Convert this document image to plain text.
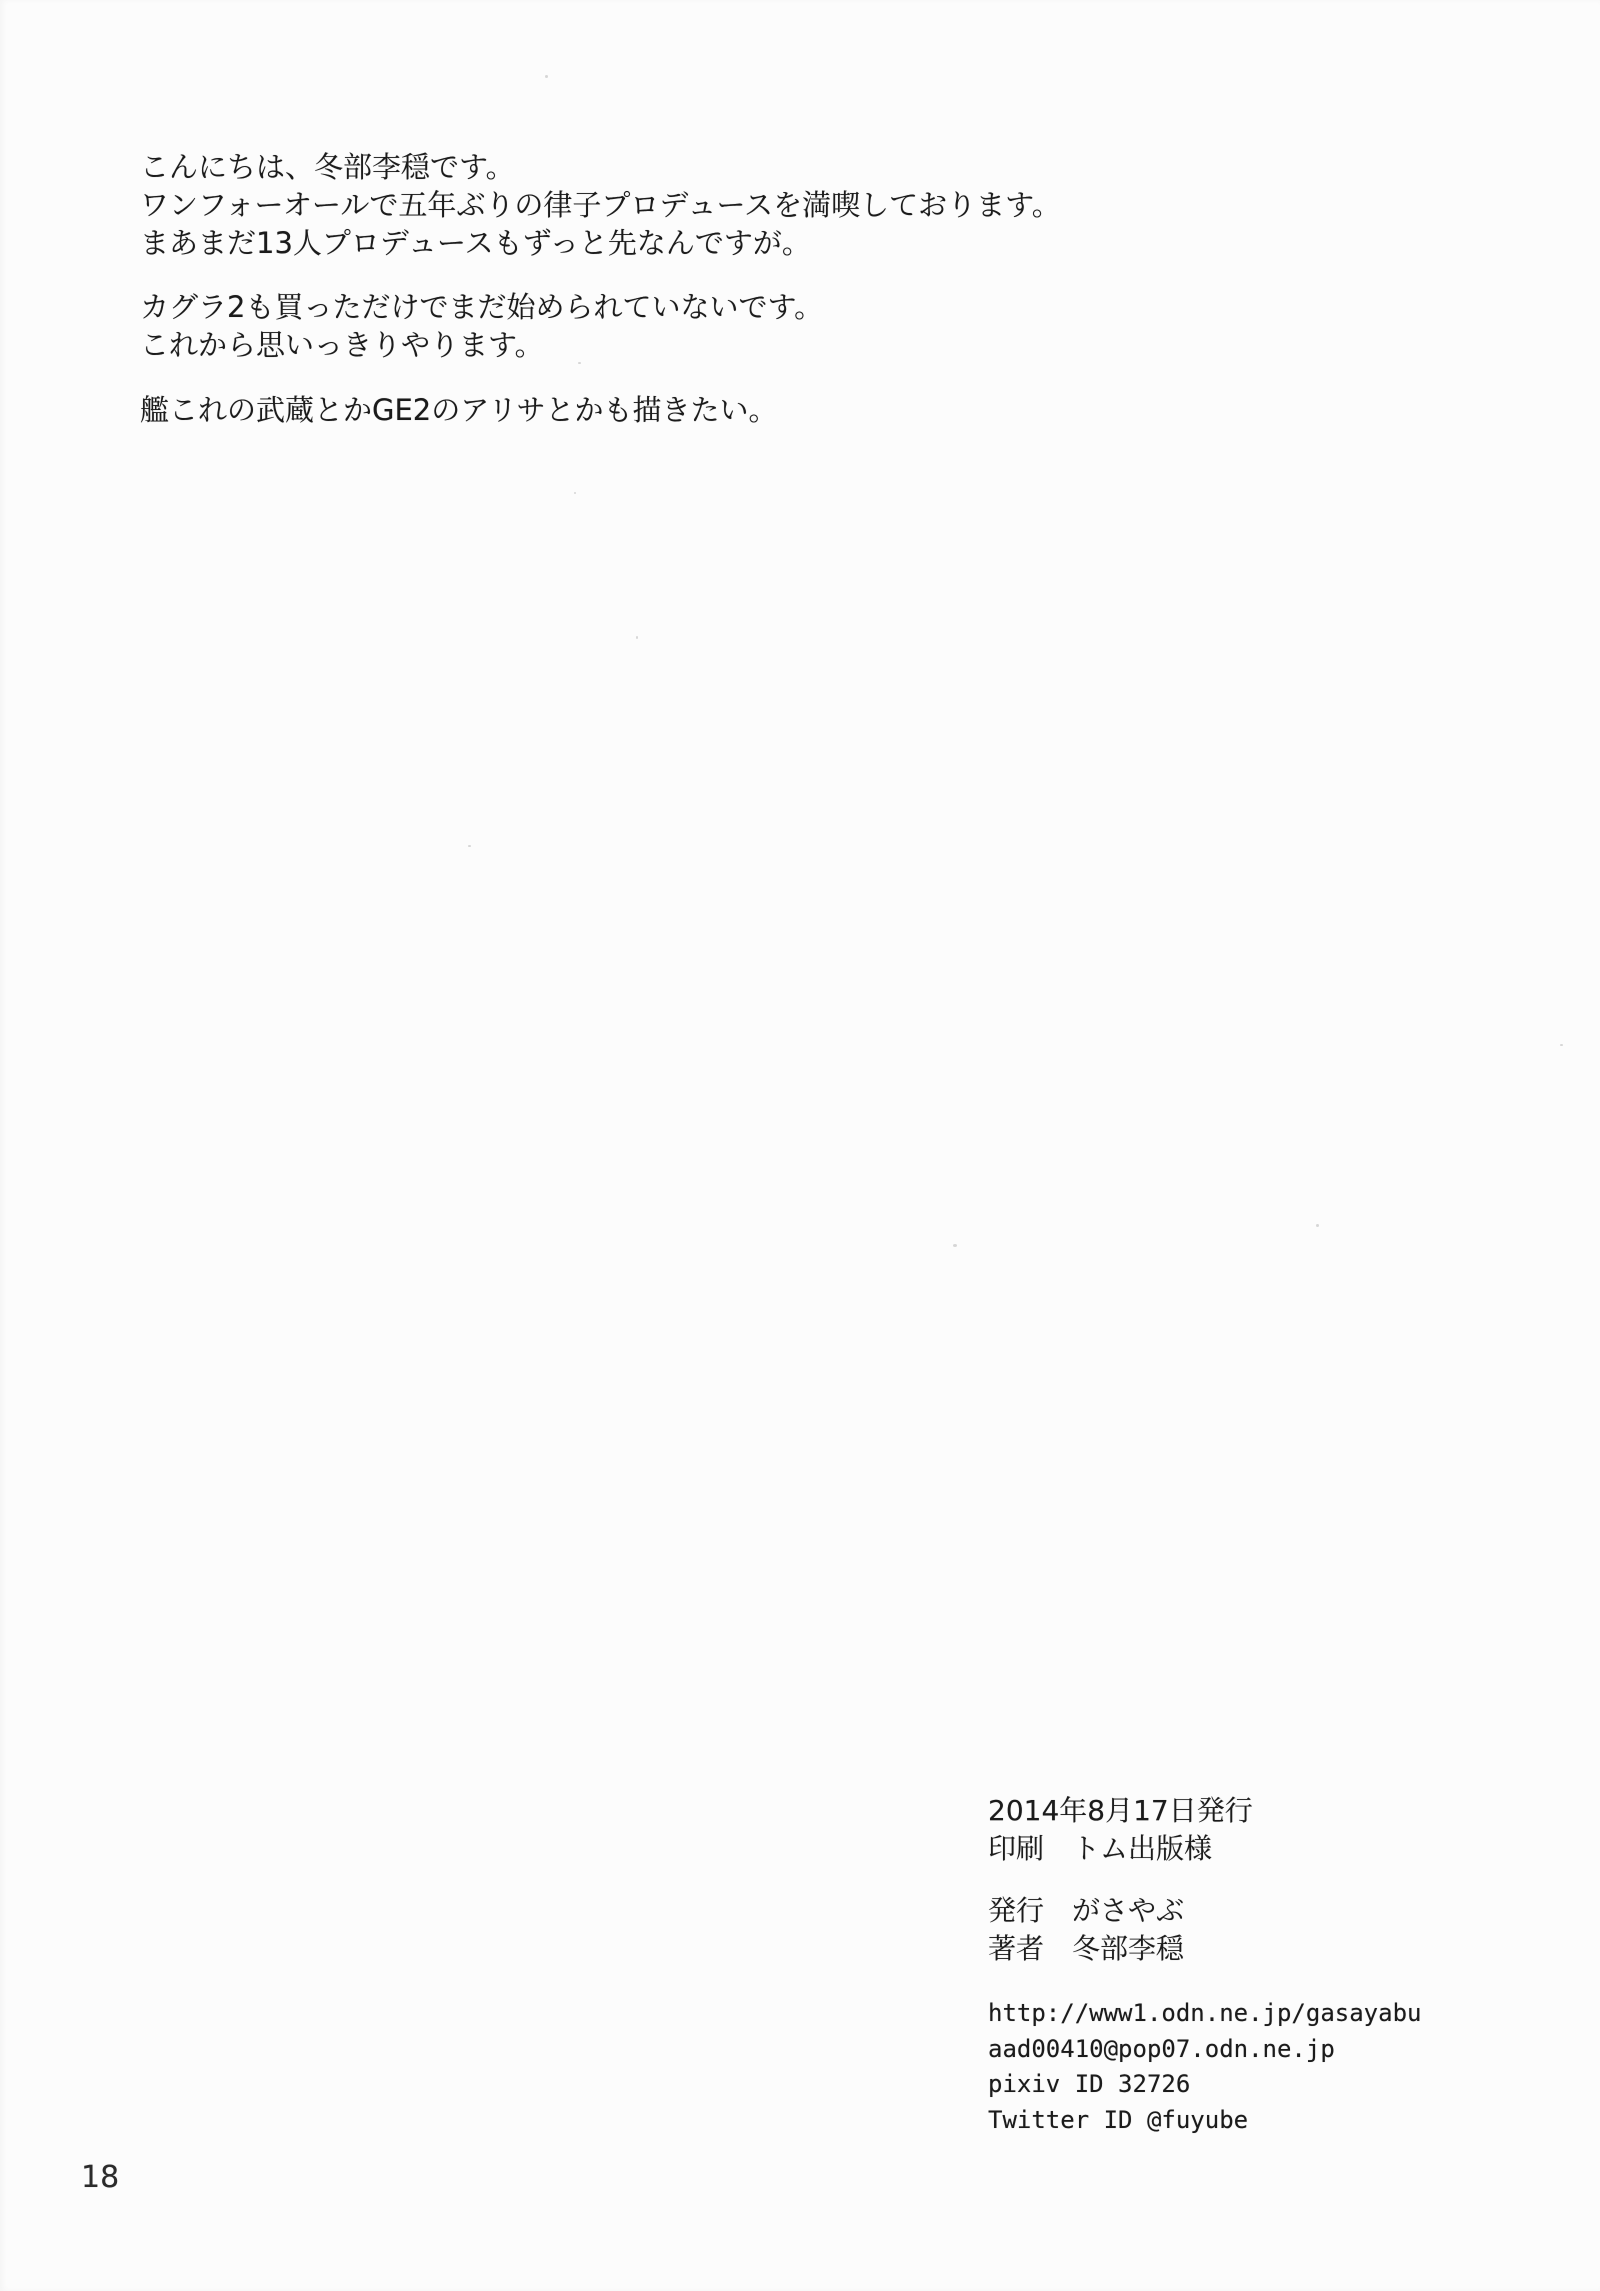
こんにちは、冬部李穏です。
ワンフォーオールで五年ぶりの律子プロデュースを満喫しております。
まあまだ13人プロデュースもずっと先なんですが。

カグラ2も買っただけでまだ始められていないです。
これから思いっきりやります。

艦これの武蔵とかGE2のアリサとかも描きたい。

2014年8月17日発行
印刷　トム出版様

発行　がさやぶ
著者　冬部李穏

http://www1.odn.ne.jp/gasayabu
aad00410@pop07.odn.ne.jp
pixiv ID 32726
Twitter ID @fuyube

18
